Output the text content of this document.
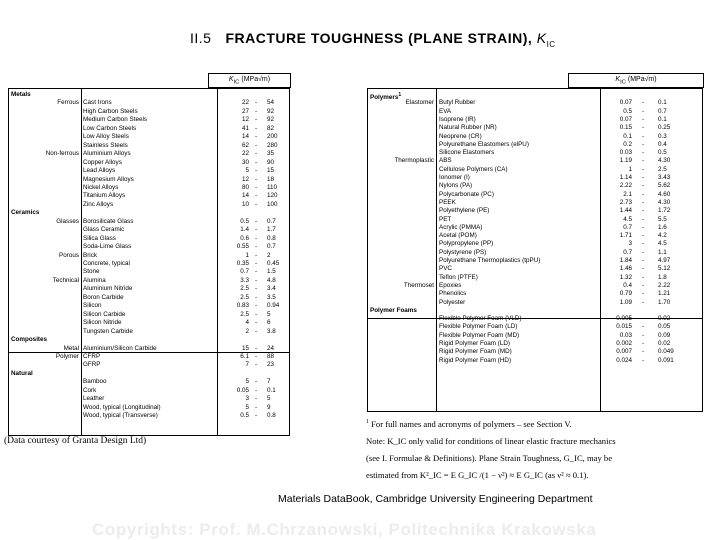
II.5 FRACTURE TOUGHNESS (PLANE STRAIN), $K_{IC}$
$K_{IC}$ (MPa√m)
Metals
Ferrous Cast Irons	22 - 54
High Carbon Steels	27 - 92
Medium Carbon Steels	12 - 92
Low Carbon Steels	41 - 82
Low Alloy Steels	14 - 200
Stainless Steels	62 - 280
Non-ferrous Aluminium Alloys	22 - 35
Copper Alloys	30 - 90
Lead Alloys	5 - 15
Magnesium Alloys	12 - 18
Nickel Alloys	80 - 110
Titanium Alloys	14 - 120
Zinc Alloys	10 - 100
Ceramics
Glasses Borosilicate Glass	0.5 - 0.7
Glass Ceramic	1.4 - 1.7
Silica Glass	0.6 - 0.8
Soda-Lime Glass	0.55 - 0.7
Porous Brick	1 - 2
Concrete, typical	0.35 - 0.45
Stone	0.7 - 1.5
Technical Alumina	3.3 - 4.8
Aluminium Nitride	2.5 - 3.4
Boron Carbide	2.5 - 3.5
Silicon	0.83 - 0.94
Silicon Carbide	2.5 - 5
Silicon Nitride	4 - 6
Tungsten Carbide	2 - 3.8
Composites
Metal Aluminium/Silicon Carbide	15 - 24
Polymer CFRP	6.1 - 88
GFRP	7 - 23
Natural
Bamboo	5 - 7
Cork	0.05 - 0.1
Leather	3 - 5
Wood, typical (Longitudinal)	5 - 9
Wood, typical (Transverse)	0.5 - 0.8
$K_{IC}$ (MPa√m)
Polymers$^1$
Elastomer Butyl Rubber	0.07 - 0.1
EVA	0.5 - 0.7
Isoprene (IR)	0.07 - 0.1
Natural Rubber (NR)	0.15 - 0.25
Neoprene (CR)	0.1 - 0.3
Polyurethane Elastomers (elPU)	0.2 - 0.4
Silicone Elastomers	0.03 - 0.5
Thermoplastic ABS	1.19 - 4.30
Cellulose Polymers (CA)	1 - 2.5
Ionomer (I)	1.14 - 3.43
Nylons (PA)	2.22 - 5.62
Polycarbonate (PC)	2.1 - 4.60
PEEK	2.73 - 4.30
Polyethylene (PE)	1.44 - 1.72
PET	4.5 - 5.5
Acrylic (PMMA)	0.7 - 1.6
Acetal (POM)	1.71 - 4.2
Polypropylene (PP)	3 - 4.5
Polystyrene (PS)	0.7 - 1.1
Polyurethane Thermoplastics (tpPU)	1.84 - 4.97
PVC	1.46 - 5.12
Teflon (PTFE)	1.32 - 1.8
Thermoset Epoxies	0.4 - 2.22
Phenolics	0.79 - 1.21
Polyester	1.09 - 1.70
Polymer Foams
Flexible Polymer Foam (VLD)	0.005 - 0.02
Flexible Polymer Foam (LD)	0.015 - 0.05
Flexible Polymer Foam (MD)	0.03 - 0.09
Rigid Polymer Foam (LD)	0.002 - 0.02
Rigid Polymer Foam (MD)	0.007 - 0.049
Rigid Polymer Foam (HD)	0.024 - 0.091

$^1$ For full names and acronyms of polymers – see Section V.

Note: K_IC only valid for conditions of linear elastic fracture mechanics

(see I. Formulae & Definitions). Plane Strain Toughness, G_IC, may be

estimated from K²_IC = E G_IC /(1 − ν²) ≈ E G_IC (as ν² ≈ 0.1).

(Data courtesy of Granta Design Ltd)
Materials DataBook, Cambridge University Engineering Department
Copyrights: Prof. M.Chrzanowski, Politechnika Krakowska
